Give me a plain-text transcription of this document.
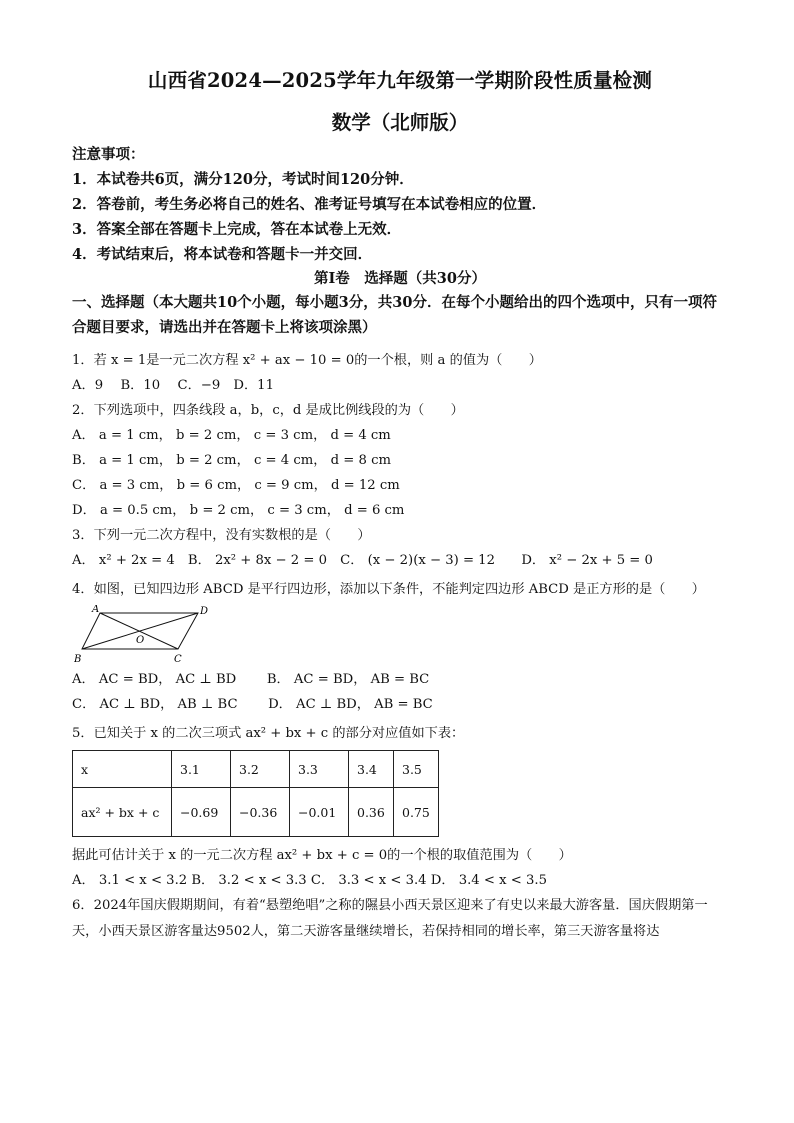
山西省2024—2025学年九年级第一学期阶段性质量检测
数学（北师版）
注意事项：
1．本试卷共6页，满分120分，考试时间120分钟．
2．答卷前，考生务必将自己的姓名、准考证号填写在本试卷相应的位置．
3．答案全部在答题卡上完成，答在本试卷上无效．
4．考试结束后，将本试卷和答题卡一并交回．
第Ⅰ卷　选择题（共30分）
一、选择题（本大题共10个小题，每小题3分，共30分．在每个小题给出的四个选项中，只有一项符合题目要求，请选出并在答题卡上将该项涂黑）
1．若 x = 1是一元二次方程 x² + ax − 10 = 0的一个根，则 a 的值为（　　）
A．9　 B．10　 C．−9　D．11
2．下列选项中，四条线段 a，b，c，d 是成比例线段的为（　　）
A． a = 1 cm， b = 2 cm， c = 3 cm， d = 4 cm
B． a = 1 cm， b = 2 cm， c = 4 cm， d = 8 cm
C． a = 3 cm， b = 6 cm， c = 9 cm， d = 12 cm
D． a = 0.5 cm， b = 2 cm， c = 3 cm， d = 6 cm
3．下列一元二次方程中，没有实数根的是（　　）
A． x² + 2x = 4　B． 2x² + 8x − 2 = 0　C． (x − 2)(x − 3) = 12　　D． x² − 2x + 5 = 0
4．如图，已知四边形 ABCD 是平行四边形，添加以下条件，不能判定四边形 ABCD 是正方形的是（　　）
A	D
B	C
O
A． AC = BD， AC ⊥ BD　　 B． AC = BD， AB = BC
C． AC ⊥ BD， AB ⊥ BC　　 D． AC ⊥ BD， AB = BC
5．已知关于 x 的二次三项式 ax² + bx + c 的部分对应值如下表：
x	3.1	3.2	3.3	3.4	3.5
ax² + bx + c	−0.69	−0.36	−0.01	0.36	0.75
据此可估计关于 x 的一元二次方程 ax² + bx + c = 0的一个根的取值范围为（　　）
A． 3.1 < x < 3.2 B． 3.2 < x < 3.3 C． 3.3 < x < 3.4 D． 3.4 < x < 3.5
6．2024年国庆假期期间，有着“悬塑绝唱”之称的隰县小西天景区迎来了有史以来最大游客量．国庆假期第一天，小西天景区游客量达9502人，第二天游客量继续增长，若保持相同的增长率，第三天游客量将达
